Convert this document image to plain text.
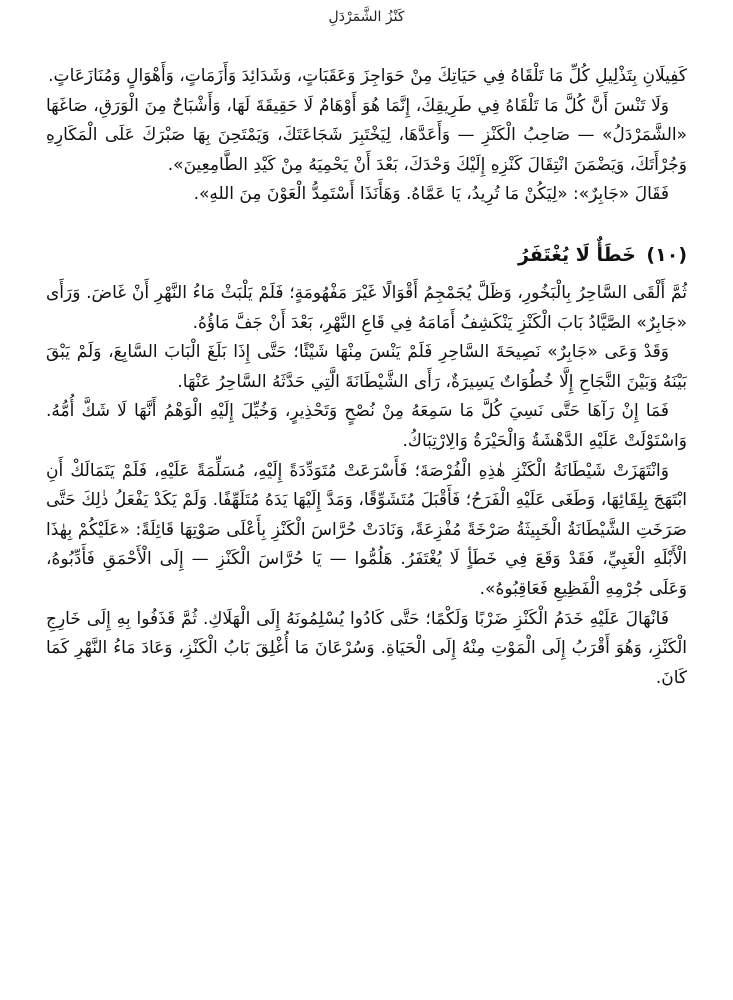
كَنْزُ الشَّمَرْدَلِ

كَفِيلَانِ بِتَذْلِيلِ كُلِّ مَا تَلْقَاهُ فِي حَيَاتِكَ مِنْ حَوَاجِزَ وَعَقَبَاتٍ، وَشَدَائِدَ وَأَزَمَاتٍ، وَأَهْوَالٍ وَمُنَازَعَاتٍ.

وَلَا تَنْسَ أَنَّ كُلَّ مَا تَلْقَاهُ فِي طَرِيقِكَ، إِنَّمَا هُوَ أَوْهَامٌ لَا حَقِيقَةَ لَهَا، وَأَشْبَاحٌ مِنَ الْوَرَقِ، صَاغَهَا «الشَّمَرْدَلُ» — صَاحِبُ الْكَنْزِ — وَأَعَدَّهَا، لِيَخْتَبِرَ شَجَاعَتَكَ، وَيَمْتَحِنَ بِهَا صَبْرَكَ عَلَى الْمَكَارِهِ وَجُرْأَتَكَ، وَيَضْمَنَ انْتِقَالَ كَنْزِهِ إِلَيْكَ وَحْدَكَ، بَعْدَ أَنْ يَحْمِيَهُ مِنْ كَيْدِ الطَّامِعِينَ».

فَقَالَ «جَابِرٌ»: «لِيَكُنْ مَا تُرِيدُ، يَا عَمَّاهُ. وَهَأَنَذَا أَسْتَمِدُّ الْعَوْنَ مِنَ اللهِ».

(١٠) خَطَأٌ لَا يُغْتَفَرُ

ثُمَّ أَلْقَى السَّاحِرُ بِالْبَخُورِ، وَظَلَّ يُجَمْجِمُ أَقْوَالًا غَيْرَ مَفْهُومَةٍ؛ فَلَمْ يَلْبَثْ مَاءُ النَّهْرِ أَنْ غَاضَ. وَرَأَى «جَابِرٌ» الصَّيَّادُ بَابَ الْكَنْزِ يَنْكَشِفُ أَمَامَهُ فِي قَاعِ النَّهْرِ، بَعْدَ أَنْ جَفَّ مَاؤُهُ.

وَقَدْ وَعَى «جَابِرٌ» نَصِيحَةَ السَّاحِرِ فَلَمْ يَنْسَ مِنْهَا شَيْئًا؛ حَتَّى إِذَا بَلَغَ الْبَابَ السَّابِعَ، وَلَمْ يَبْقَ بَيْنَهُ وَبَيْنَ النَّجَاحِ إِلَّا خُطُوَاتٌ يَسِيرَةٌ، رَأَى الشَّيْطَانَةَ الَّتِي حَدَّثَهُ السَّاحِرُ عَنْهَا.

فَمَا إِنْ رَآهَا حَتَّى نَسِيَ كُلَّ مَا سَمِعَهُ مِنْ نُصْحٍ وَتَحْذِيرٍ، وَخُيِّلَ إِلَيْهِ الْوَهْمُ أَنَّهَا لَا شَكَّ أُمُّهُ. وَاسْتَوْلَتْ عَلَيْهِ الدَّهْشَةُ وَالْحَيْرَةُ وَالِارْتِبَاكُ.

وَانْتَهَزَتْ شَيْطَانَةُ الْكَنْزِ هٰذِهِ الْفُرْصَةَ؛ فَأَسْرَعَتْ مُتَوَدِّدَةً إِلَيْهِ، مُسَلِّمَةً عَلَيْهِ، فَلَمْ يَتَمَالَكْ أَنِ ابْتَهَجَ بِلِقَائِهَا، وَطَغَى عَلَيْهِ الْفَرَحُ؛ فَأَقْبَلَ مُتَشَوِّقًا، وَمَدَّ إِلَيْهَا يَدَهُ مُتَلَهِّفًا. وَلَمْ يَكَدْ يَفْعَلُ ذٰلِكَ حَتَّى صَرَخَتِ الشَّيْطَانَةُ الْخَبِيثَةُ صَرْخَةً مُفْزِعَةً، وَنَادَتْ حُرَّاسَ الْكَنْزِ بِأَعْلَى صَوْتِهَا قَائِلَةً: «عَلَيْكُمْ بِهٰذَا الْأَبْلَهِ الْغَبِيِّ، فَقَدْ وَقَعَ فِي خَطَأٍ لَا يُغْتَفَرُ. هَلُمُّوا — يَا حُرَّاسَ الْكَنْزِ — إِلَى الْأَحْمَقِ فَأَدِّبُوهُ، وَعَلَى جُرْمِهِ الْفَظِيعِ فَعَاقِبُوهُ».

فَانْهَالَ عَلَيْهِ خَدَمُ الْكَنْزِ ضَرْبًا وَلَكْمًا؛ حَتَّى كَادُوا يُسْلِمُونَهُ إِلَى الْهَلَاكِ. ثُمَّ قَذَفُوا بِهِ إِلَى خَارِجِ الْكَنْزِ، وَهُوَ أَقْرَبُ إِلَى الْمَوْتِ مِنْهُ إِلَى الْحَيَاةِ. وَسُرْعَانَ مَا أُغْلِقَ بَابُ الْكَنْزِ، وَعَادَ مَاءُ النَّهْرِ كَمَا كَانَ.
